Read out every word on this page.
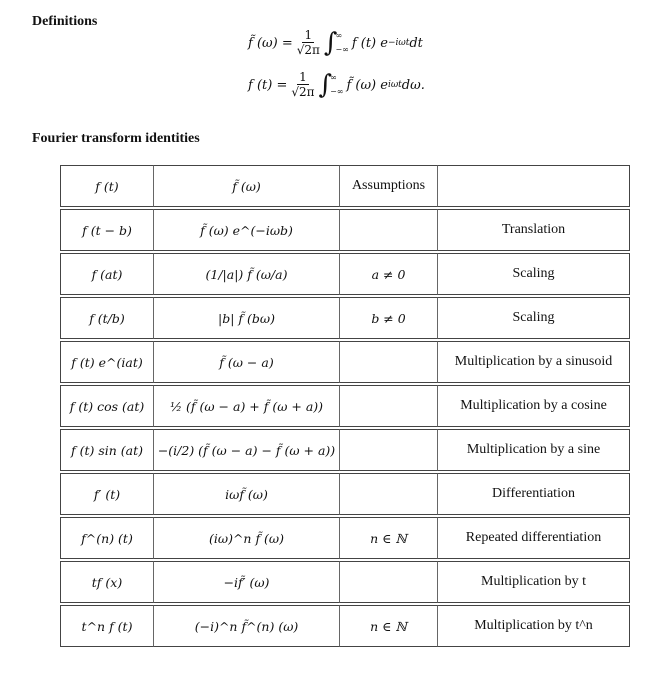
Definitions
f̃ $(\omega) = \frac{1}{√2\pi}$ ∫
∞
−∞ f (t) e −iωt dt
f $(t) = \frac{1}{√2\pi}$ ∫
∞
−∞ f̃ (ω) e iωt dω.
Fourier transform identities
f (t)	f̃ (ω)	Assumptions	
f (t − b)	f̃ (ω) e^(−iωb)		Translation
f (at)	(1/|a|) f̃ (ω/a)	a ≠ 0	Scaling
f (t/b)	|b| f̃ (bω)	b ≠ 0	Scaling
f (t) e^(iat)	f̃ (ω − a)		Multiplication by a sinusoid
f (t) cos (at)	½ (f̃ (ω − a) + f̃ (ω + a))		Multiplication by a cosine
f (t) sin (at)	−(i/2) (f̃ (ω − a) − f̃ (ω + a))		Multiplication by a sine
f′ (t)	iωf̃ (ω)		Differentiation
f^(n) (t)	(iω)^n f̃ (ω)	n ∈ ℕ	Repeated differentiation
tf (x)	−if̃′ (ω)		Multiplication by t
t^n f (t)	(−i)^n f̃^(n) (ω)	n ∈ ℕ	Multiplication by t^n
